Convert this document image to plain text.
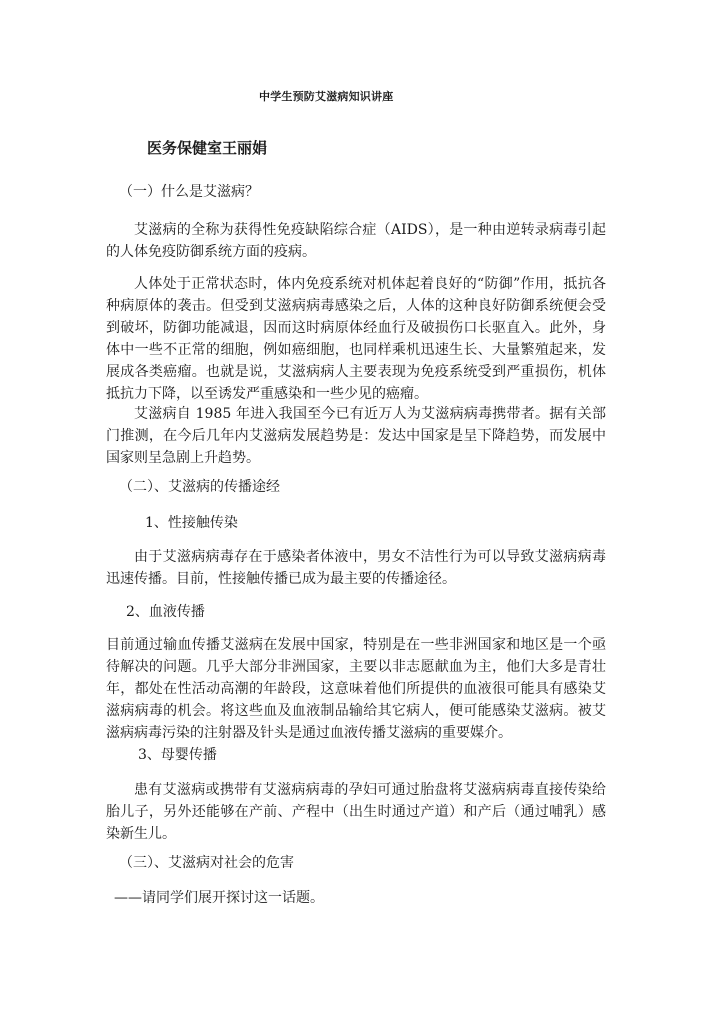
中学生预防艾滋病知识讲座
医务保健室王丽娟
（一）什么是艾滋病？

艾滋病的全称为获得性免疫缺陷综合症（AIDS），是一种由逆转录病毒引起的人体免疫防御系统方面的疫病。

人体处于正常状态时，体内免疫系统对机体起着良好的“防御”作用，抵抗各种病原体的袭击。但受到艾滋病病毒感染之后，人体的这种良好防御系统便会受到破坏，防御功能减退，因而这时病原体经血行及破损伤口长驱直入。此外，身体中一些不正常的细胞，例如癌细胞，也同样乘机迅速生长、大量繁殖起来，发展成各类癌瘤。也就是说，艾滋病病人主要表现为免疫系统受到严重损伤，机体抵抗力下降，以至诱发严重感染和一些少见的癌瘤。

艾滋病自 1985 年进入我国至今已有近万人为艾滋病病毒携带者。据有关部门推测，在今后几年内艾滋病发展趋势是：发达中国家是呈下降趋势，而发展中国家则呈急剧上升趋势。

（二）、艾滋病的传播途经
1、性接触传染

由于艾滋病病毒存在于感染者体液中，男女不洁性行为可以导致艾滋病病毒迅速传播。目前，性接触传播已成为最主要的传播途径。

2、血液传播

目前通过输血传播艾滋病在发展中国家，特别是在一些非洲国家和地区是一个亟待解决的问题。几乎大部分非洲国家，主要以非志愿献血为主，他们大多是青壮年，都处在性活动高潮的年龄段，这意味着他们所提供的血液很可能具有感染艾滋病病毒的机会。将这些血及血液制品输给其它病人，便可能感染艾滋病。被艾滋病病毒污染的注射器及针头是通过血液传播艾滋病的重要媒介。

3、母婴传播

患有艾滋病或携带有艾滋病病毒的孕妇可通过胎盘将艾滋病病毒直接传染给胎儿子，另外还能够在产前、产程中（出生时通过产道）和产后（通过哺乳）感染新生儿。

（三）、艾滋病对社会的危害
——请同学们展开探讨这一话题。
